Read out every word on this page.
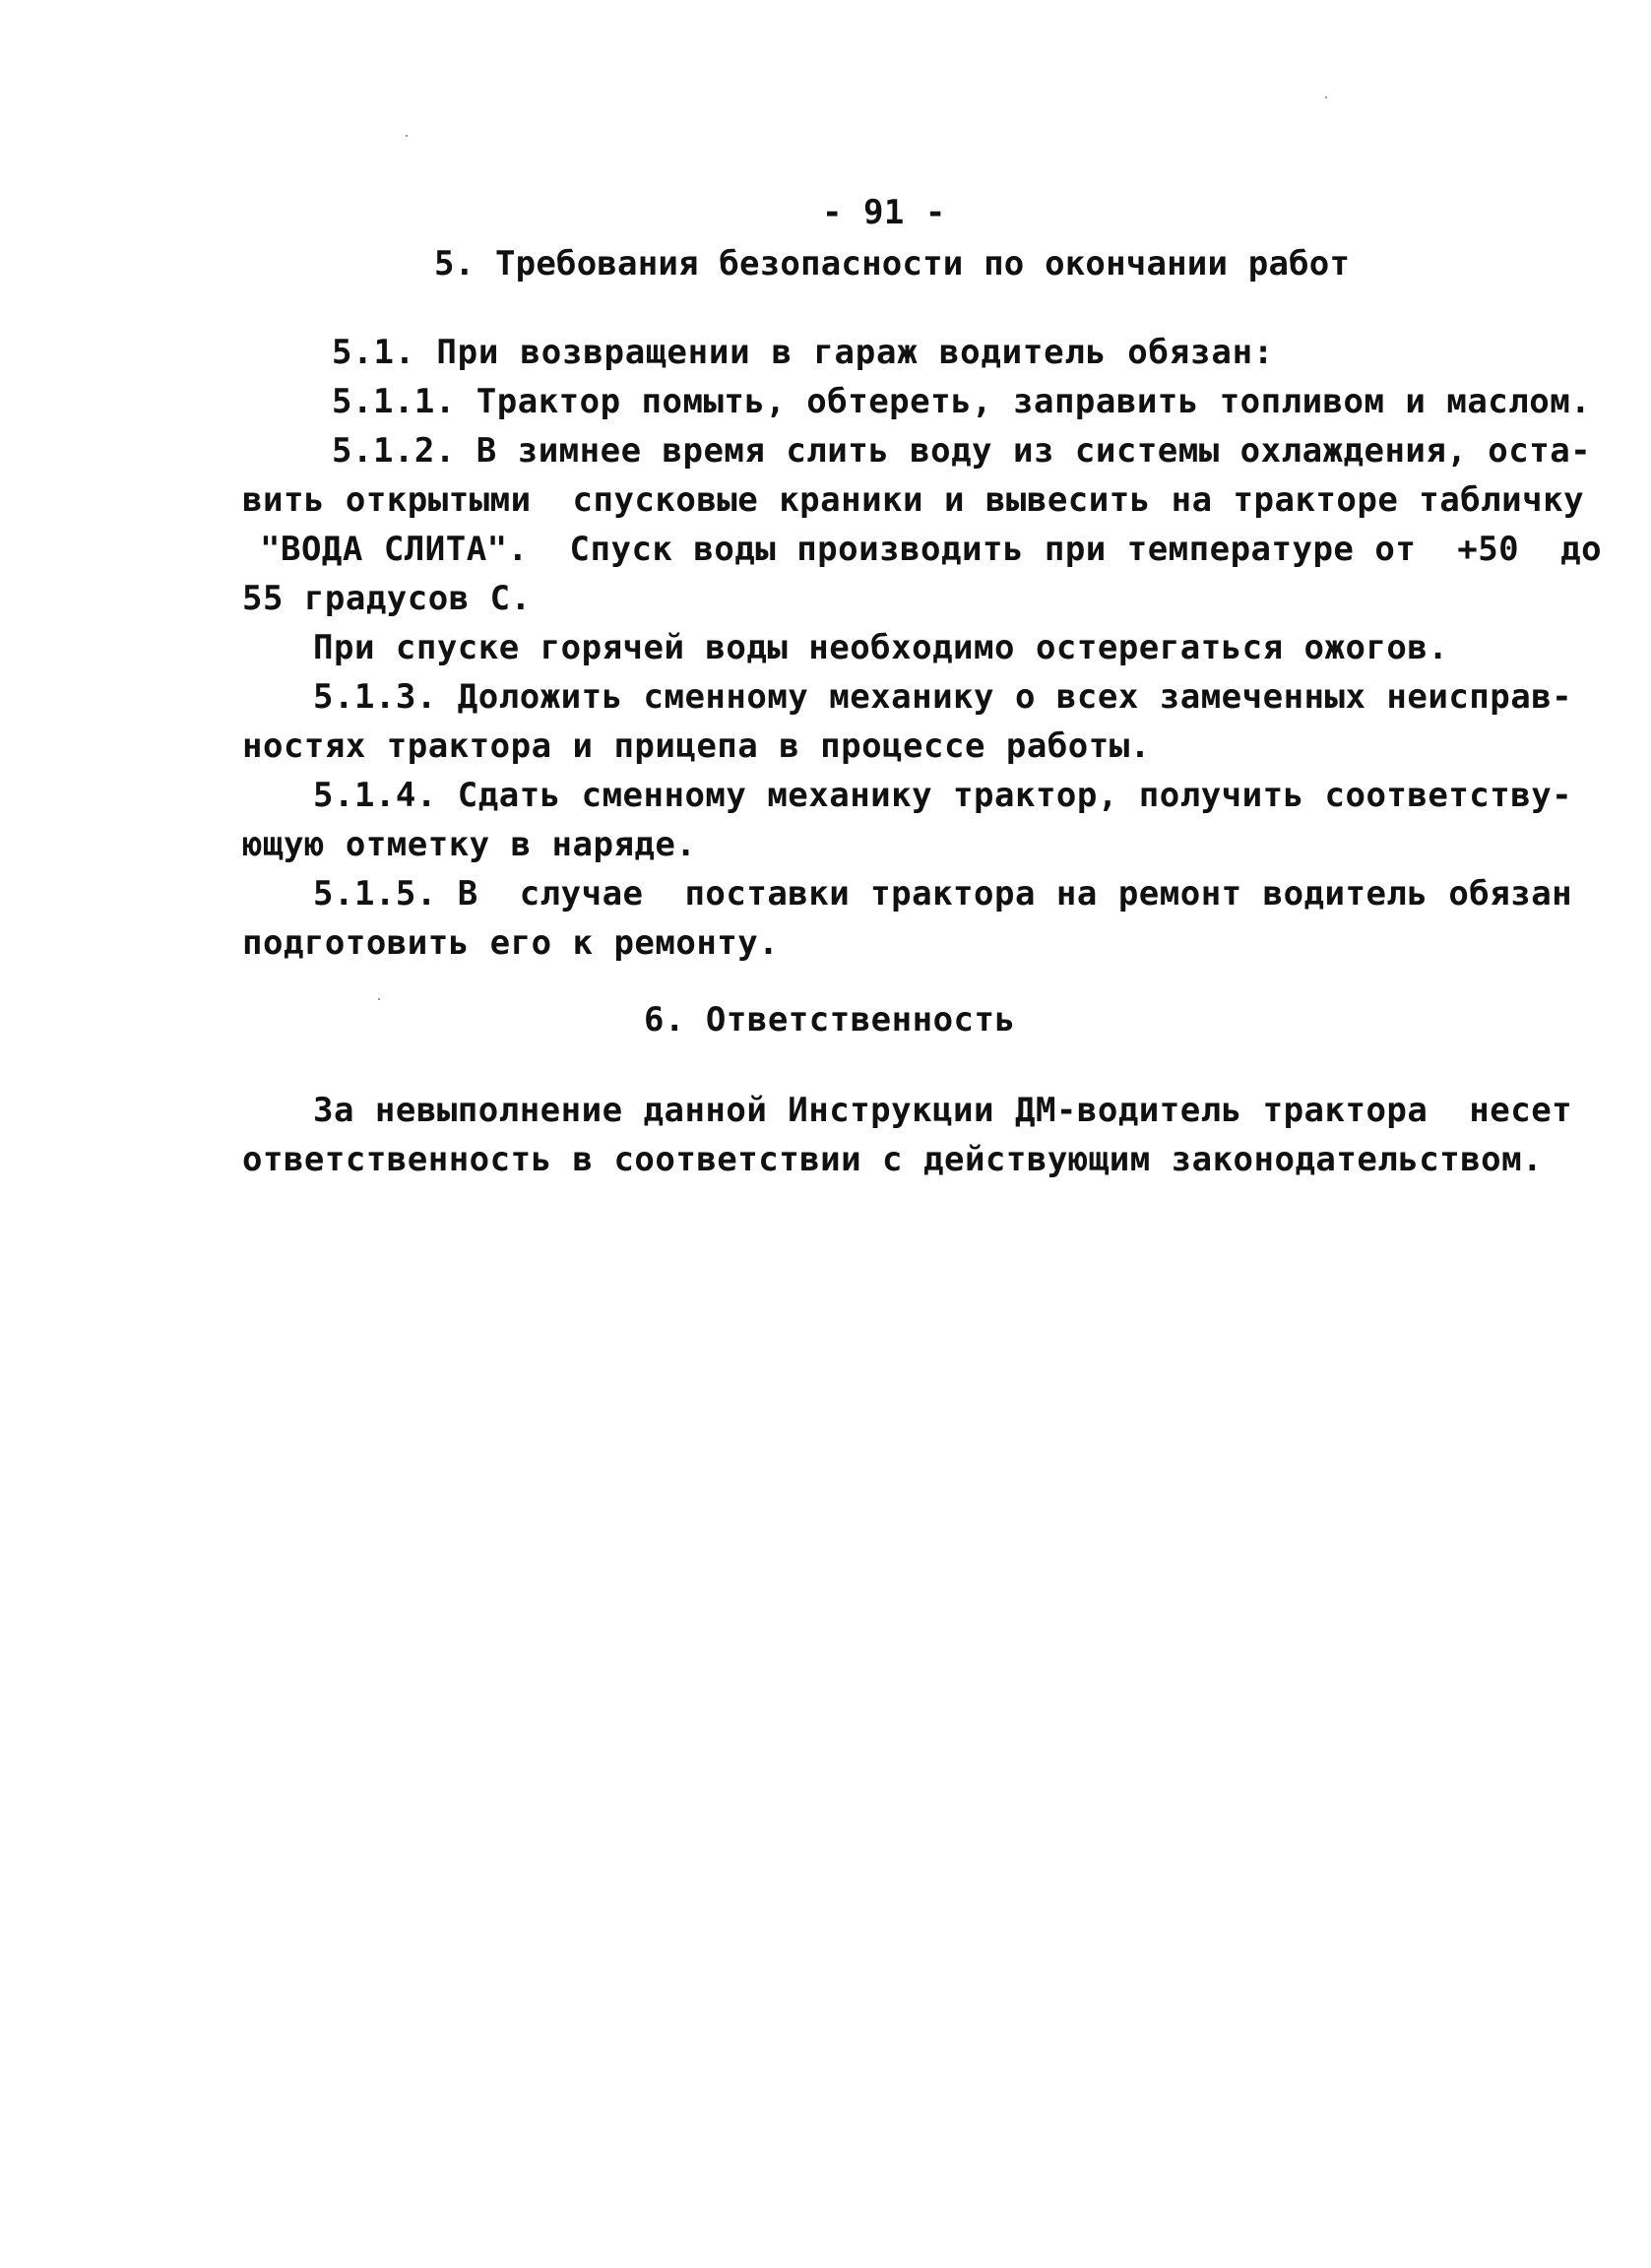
- 91 -
5. Требования безопасности по окончании работ
5.1. При возвращении в гараж водитель обязан:
5.1.1. Трактор помыть, обтереть, заправить топливом и маслом.
5.1.2. В зимнее время слить воду из системы охлаждения, оста-
вить открытыми  спусковые краники и вывесить на тракторе табличку
"ВОДА СЛИТА".  Спуск воды производить при температуре от  +50  до
55 градусов С.
При спуске горячей воды необходимо остерегаться ожогов.
5.1.3. Доложить сменному механику о всех замеченных неисправ-
ностях трактора и прицепа в процессе работы.
5.1.4. Сдать сменному механику трактор, получить соответству-
ющую отметку в наряде.
5.1.5. В  случае  поставки трактора на ремонт водитель обязан
подготовить его к ремонту.
6. Ответственность
За невыполнение данной Инструкции ДМ-водитель трактора  несет
ответственность в соответствии с действующим законодательством.
